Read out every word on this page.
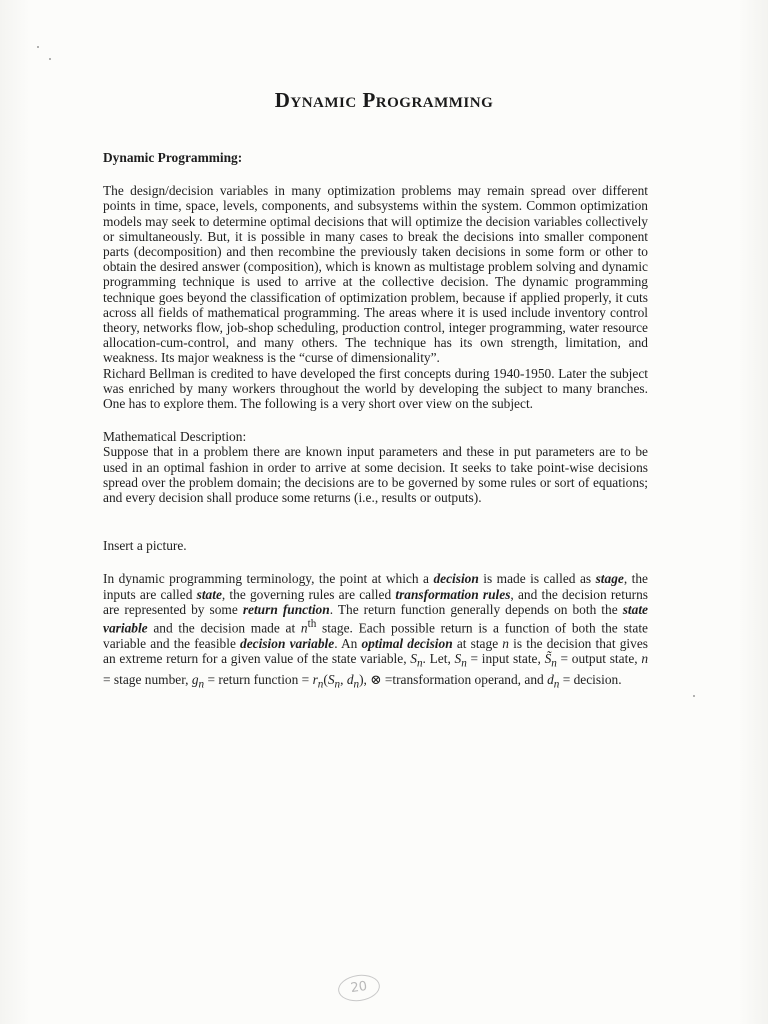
Dynamic Programming

Dynamic Programming:

The design/decision variables in many optimization problems may remain spread over different points in time, space, levels, components, and subsystems within the system. Common optimization models may seek to determine optimal decisions that will optimize the decision variables collectively or simultaneously. But, it is possible in many cases to break the decisions into smaller component parts (decomposition) and then recombine the previously taken decisions in some form or other to obtain the desired answer (composition), which is known as multistage problem solving and dynamic programming technique is used to arrive at the collective decision. The dynamic programming technique goes beyond the classification of optimization problem, because if applied properly, it cuts across all fields of mathematical programming. The areas where it is used include inventory control theory, networks flow, job-shop scheduling, production control, integer programming, water resource allocation-cum-control, and many others. The technique has its own strength, limitation, and weakness. Its major weakness is the “curse of dimensionality”.

Richard Bellman is credited to have developed the first concepts during 1940-1950. Later the subject was enriched by many workers throughout the world by developing the subject to many branches. One has to explore them. The following is a very short over view on the subject.

Mathematical Description:

Suppose that in a problem there are known input parameters and these in put parameters are to be used in an optimal fashion in order to arrive at some decision. It seeks to take point-wise decisions spread over the problem domain; the decisions are to be governed by some rules or sort of equations; and every decision shall produce some returns (i.e., results or outputs).

Insert a picture.

In dynamic programming terminology, the point at which a decision is made is called as stage, the inputs are called state, the governing rules are called transformation rules, and the decision returns are represented by some return function. The return function generally depends on both the state variable and the decision made at $n^{th}$ stage. Each possible return is a function of both the state variable and the feasible decision variable. An optimal decision at stage n is the decision that gives an extreme return for a given value of the state variable, $S_n$. Let, $S_n$ = input state, $S̃_n$ = output state, n = stage number, $g_n$ = return function = $r_n(S_n$, $d_n$), ⊗ =transformation operand, and $d_n$ = decision.

20
